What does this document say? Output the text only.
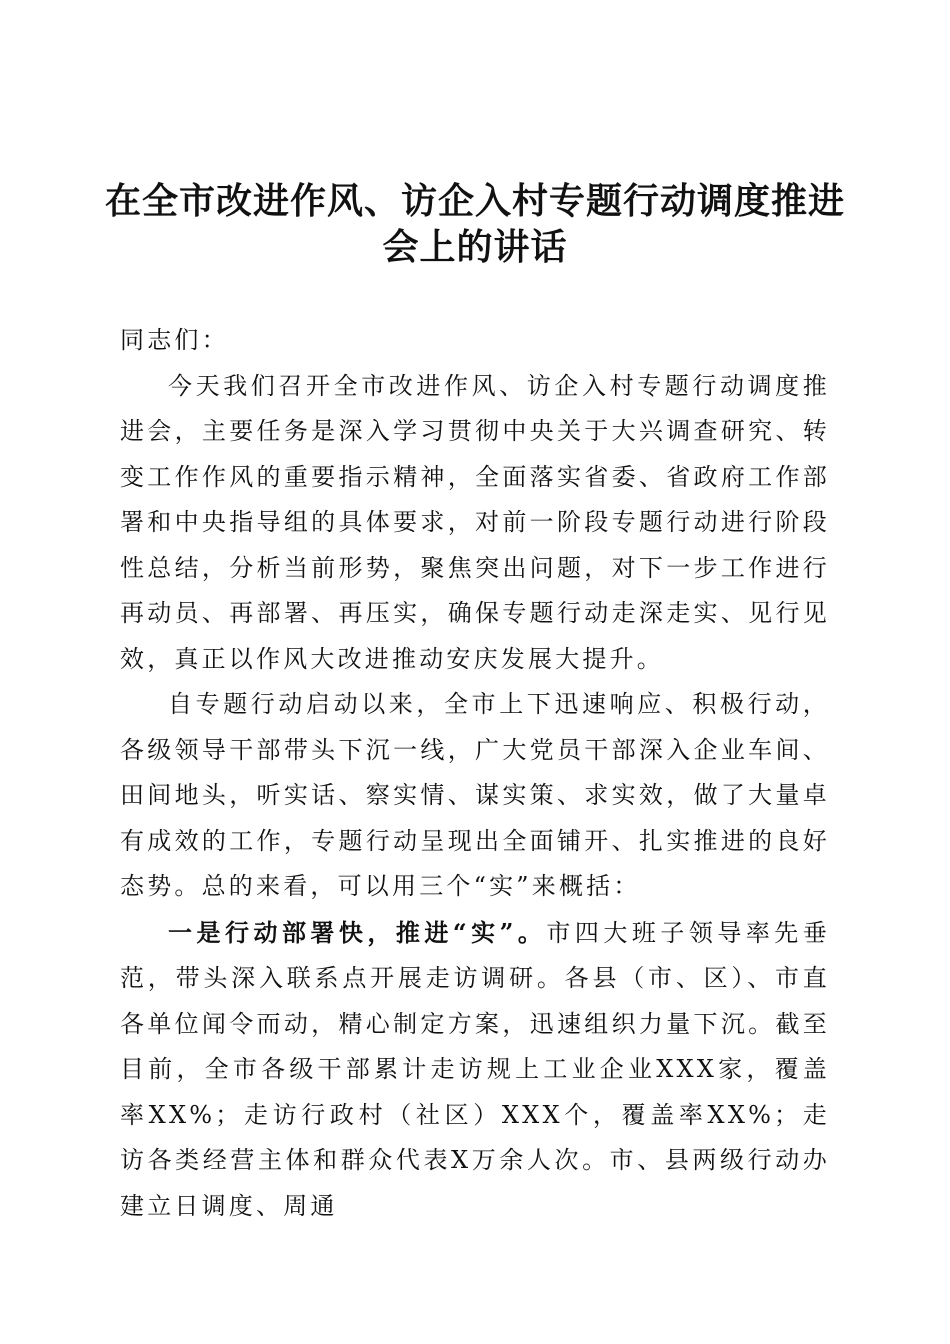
在全市改进作风、访企入村专题行动调度推进会上的讲话

同志们：

今天我们召开全市改进作风、访企入村专题行动调度推进会，主要任务是深入学习贯彻中央关于大兴调查研究、转变工作作风的重要指示精神，全面落实省委、省政府工作部署和中央指导组的具体要求，对前一阶段专题行动进行阶段性总结，分析当前形势，聚焦突出问题，对下一步工作进行再动员、再部署、再压实，确保专题行动走深走实、见行见效，真正以作风大改进推动安庆发展大提升。

自专题行动启动以来，全市上下迅速响应、积极行动，各级领导干部带头下沉一线，广大党员干部深入企业车间、田间地头，听实话、察实情、谋实策、求实效，做了大量卓有成效的工作，专题行动呈现出全面铺开、扎实推进的良好态势。总的来看，可以用三个“实”来概括：

一是行动部署快，推进“实”。市四大班子领导率先垂范，带头深入联系点开展走访调研。各县（市、区）、市直各单位闻令而动，精心制定方案，迅速组织力量下沉。截至目前，全市各级干部累计走访规上工业企业XXX家，覆盖率XX%；走访行政村（社区）XXX个，覆盖率XX%；走访各类经营主体和群众代表X万余人次。市、县两级行动办建立日调度、周通
